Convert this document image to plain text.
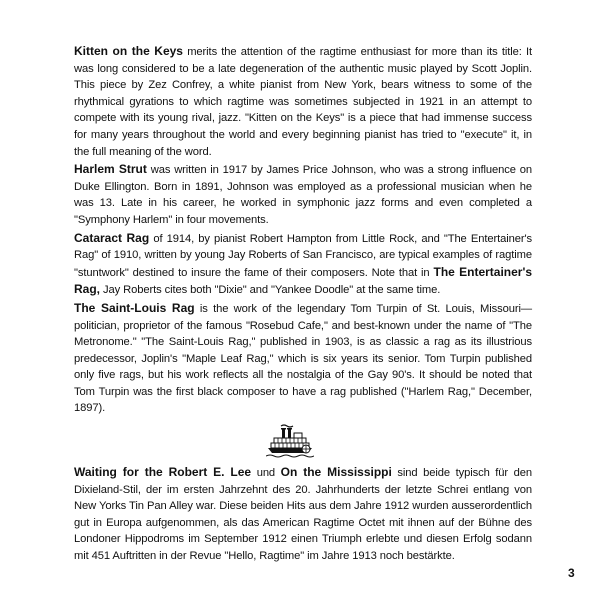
Kitten on the Keys merits the attention of the ragtime enthusiast for more than its title: It was long considered to be a late degeneration of the authentic music played by Scott Joplin. This piece by Zez Confrey, a white pianist from New York, bears witness to some of the rhythmical gyrations to which ragtime was sometimes subjected in 1921 in an attempt to compete with its young rival, jazz. "Kitten on the Keys" is a piece that had immense success for many years throughout the world and every beginning pianist has tried to "execute" it, in the full meaning of the word.

Harlem Strut was written in 1917 by James Price Johnson, who was a strong influence on Duke Ellington. Born in 1891, Johnson was employed as a professional musician when he was 13. Late in his career, he worked in symphonic jazz forms and even completed a "Symphony Harlem" in four movements.

Cataract Rag of 1914, by pianist Robert Hampton from Little Rock, and "The Entertainer's Rag" of 1910, written by young Jay Roberts of San Francisco, are typical examples of ragtime "stuntwork" destined to insure the fame of their composers. Note that in The Entertainer's Rag, Jay Roberts cites both "Dixie" and "Yankee Doodle" at the same time.

The Saint-Louis Rag is the work of the legendary Tom Turpin of St. Louis, Missouri—politician, proprietor of the famous "Rosebud Cafe," and best-known under the name of "The Metronome." "The Saint-Louis Rag," published in 1903, is as classic a rag as its illustrious predecessor, Joplin's "Maple Leaf Rag," which is six years its senior. Tom Turpin published only five rags, but his work reflects all the nostalgia of the Gay 90's. It should be noted that Tom Turpin was the first black composer to have a rag published ("Harlem Rag," December, 1897).

Waiting for the Robert E. Lee und On the Mississippi sind beide typisch für den Dixieland-Stil, der im ersten Jahrzehnt des 20. Jahrhunderts der letzte Schrei entlang von New Yorks Tin Pan Alley war. Diese beiden Hits aus dem Jahre 1912 wurden ausserordentlich gut in Europa aufgenommen, als das American Ragtime Octet mit ihnen auf der Bühne des Londoner Hippodroms im September 1912 einen Triumph erlebte und diesen Erfolg sodann mit 451 Auftritten in der Revue "Hello, Ragtime" im Jahre 1913 noch bestärkte.

3
